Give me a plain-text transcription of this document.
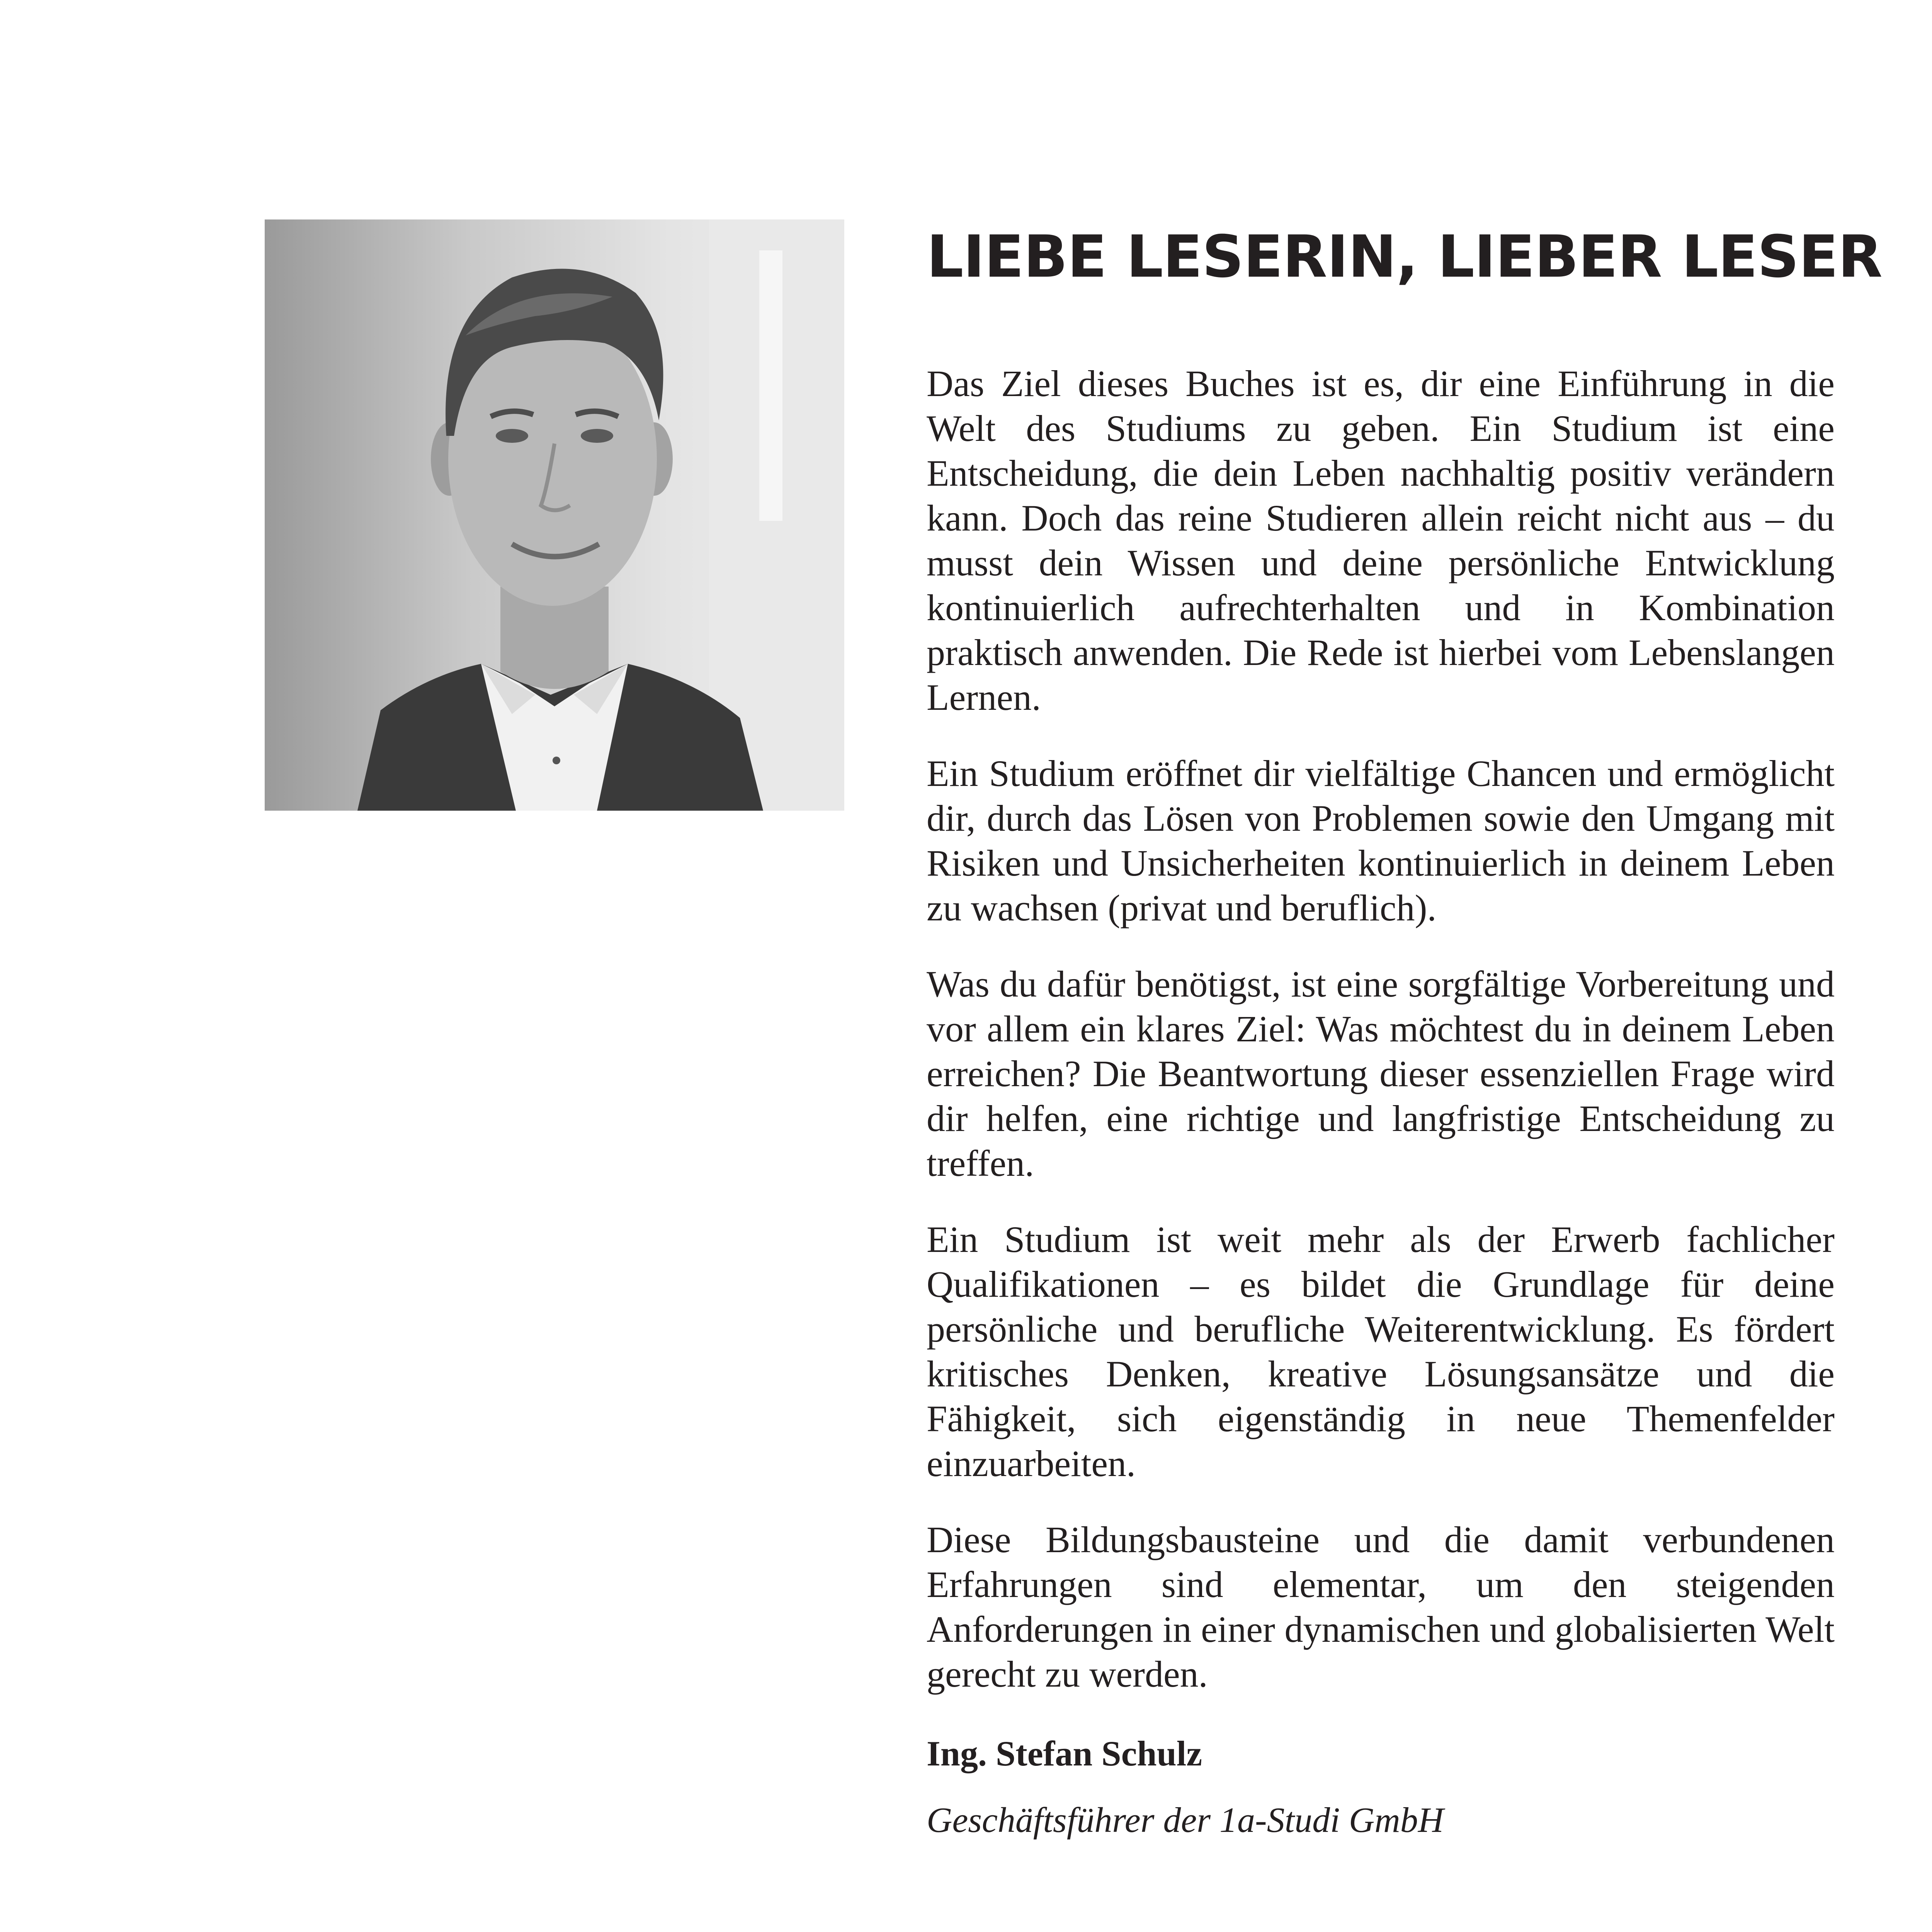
LIEBE LESERIN, LIEBER LESER

Das Ziel dieses Buches ist es, dir eine Einführung in die Welt des Studiums zu geben. Ein Studium ist eine Entscheidung, die dein Leben nachhaltig positiv verändern kann. Doch das reine Studieren allein reicht nicht aus – du musst dein Wissen und deine persönliche Entwicklung kontinuierlich aufrechterhalten und in Kombination praktisch anwenden. Die Rede ist hierbei vom Lebenslangen Lernen.

Ein Studium eröffnet dir vielfältige Chancen und ermöglicht dir, durch das Lösen von Problemen sowie den Umgang mit Risiken und Unsicherheiten kontinuierlich in deinem Leben zu wachsen (privat und beruflich).

Was du dafür benötigst, ist eine sorgfältige Vorbereitung und vor allem ein klares Ziel: Was möchtest du in deinem Leben erreichen? Die Beantwortung dieser essenziellen Frage wird dir helfen, eine richtige und langfristige Entscheidung zu treffen.

Ein Studium ist weit mehr als der Erwerb fachlicher Qualifikationen – es bildet die Grundlage für deine persönliche und berufliche Weiterentwicklung. Es fördert kritisches Denken, kreative Lösungsansätze und die Fähigkeit, sich eigenständig in neue Themenfelder einzuarbeiten.

Diese Bildungsbausteine und die damit verbundenen Erfahrungen sind elementar, um den steigenden Anforderungen in einer dynamischen und globalisierten Welt gerecht zu werden.

Ing. Stefan Schulz
Geschäftsführer der 1a-Studi GmbH
